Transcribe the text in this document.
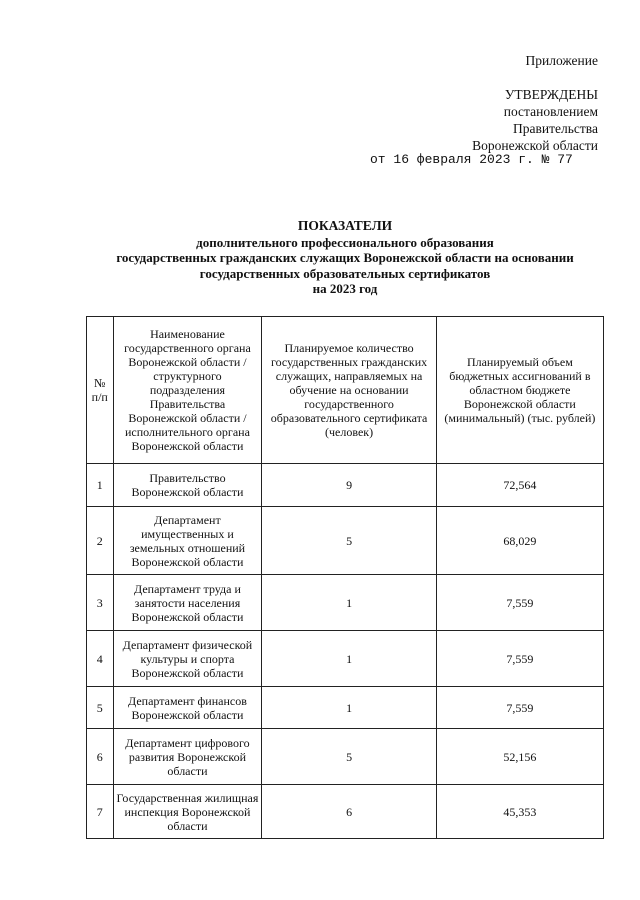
Приложение
УТВЕРЖДЕНЫ
постановлением
Правительства
Воронежской области
от 16 февраля 2023 г. № 77
ПОКАЗАТЕЛИ
дополнительного профессионального образования
государственных гражданских служащих Воронежской области на основании
государственных образовательных сертификатов
на 2023 год
№ п/п	Наименование государственного органа Воронежской области / структурного подразделения Правительства Воронежской области / исполнительного органа Воронежской области	Планируемое количество государственных гражданских служащих, направляемых на обучение на основании государственного образовательного сертификата (человек)	Планируемый объем бюджетных ассигнований в областном бюджете Воронежской области (минимальный) (тыс. рублей)
1	Правительство Воронежской области	9	72,564
2	Департамент имущественных и земельных отношений Воронежской области	5	68,029
3	Департамент труда и занятости населения Воронежской области	1	7,559
4	Департамент физической культуры и спорта Воронежской области	1	7,559
5	Департамент финансов Воронежской области	1	7,559
6	Департамент цифрового развития Воронежской области	5	52,156
7	Государственная жилищная инспекция Воронежской области	6	45,353
